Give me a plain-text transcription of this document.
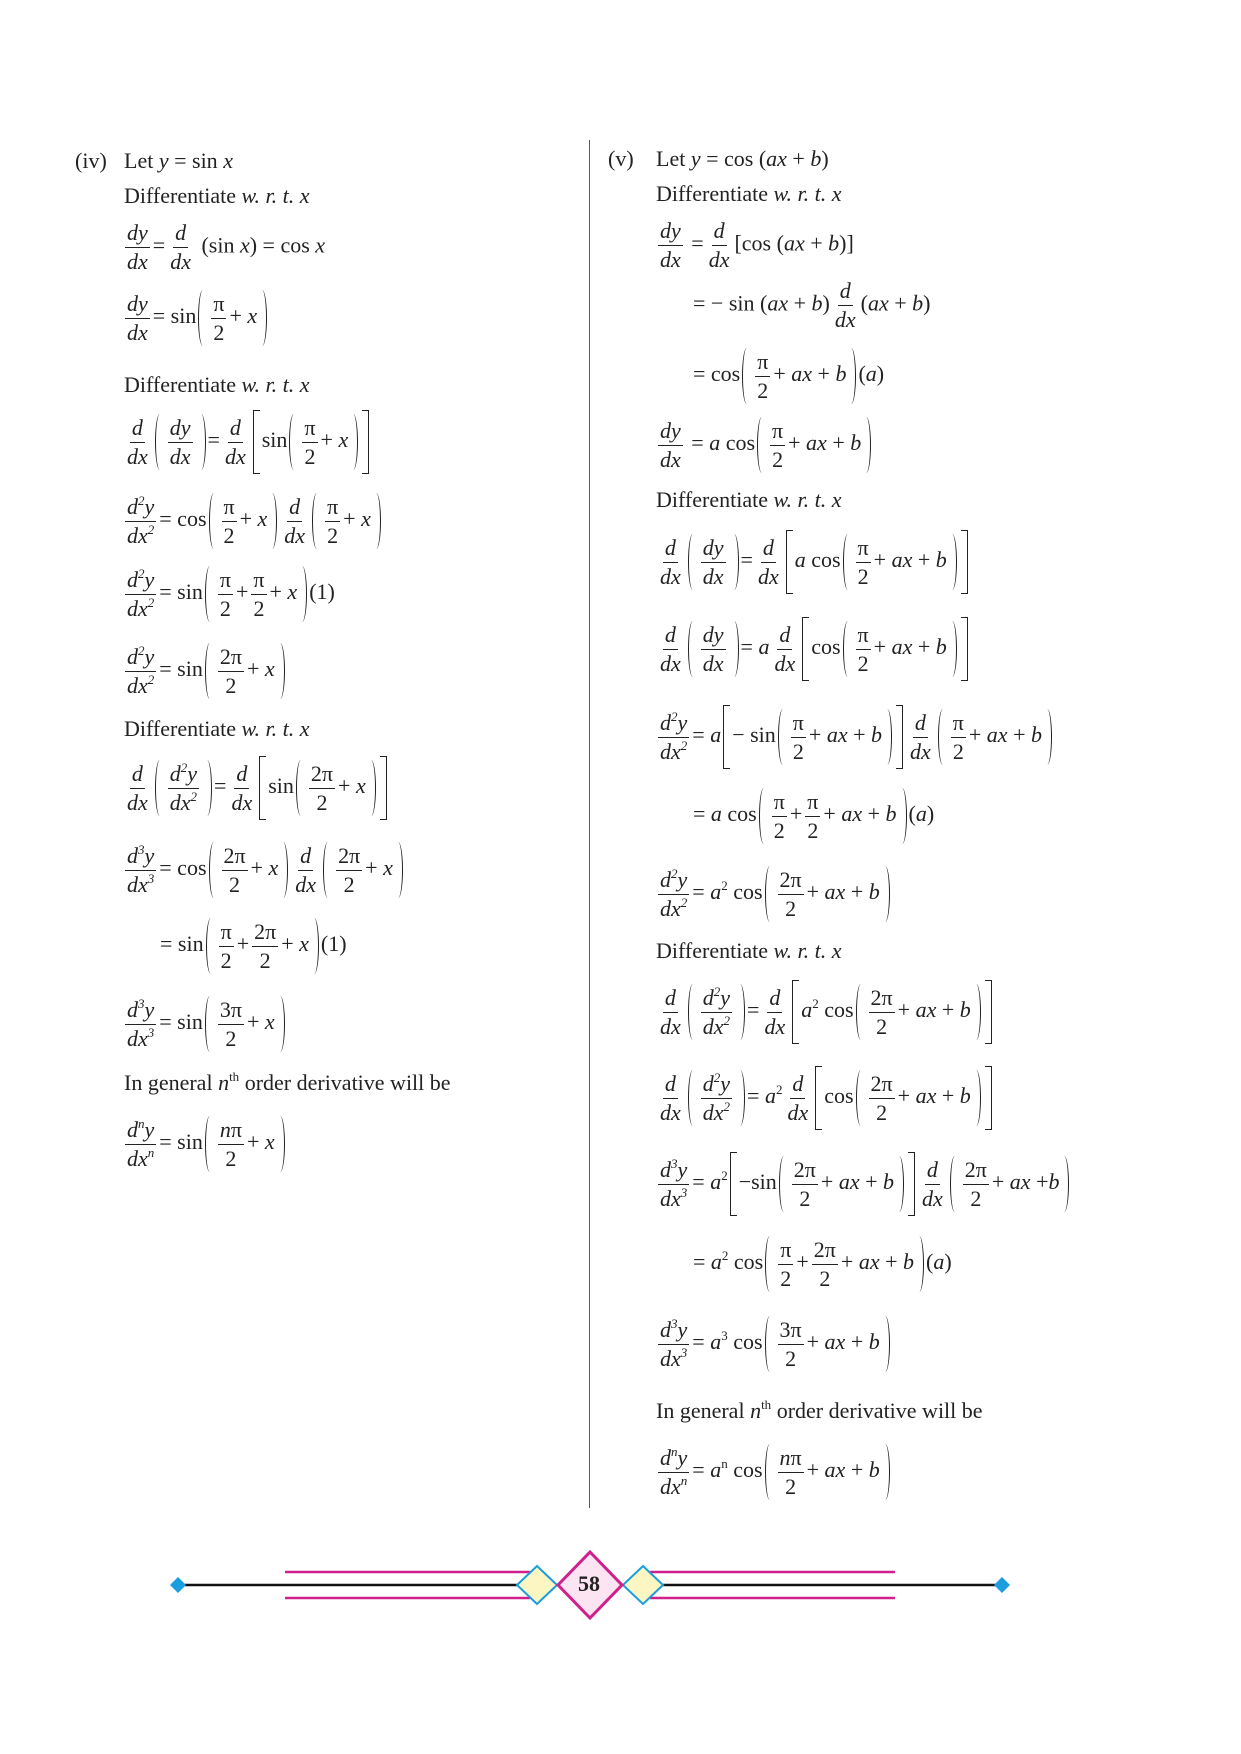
(iv) Let y = sin x
Differentiate w. r. t. x
$\frac{dy}{dx} = \frac{d}{dx} (\sin$ x) = cos x
$\frac{dy}{dx} = \sin \frac{\pi}{2} + x$
Differentiate w. r. t. x
$\frac{d}{dx} \frac{dy}{dx} = \frac{d}{dx}$ $\sin \frac{\pi}{2} + x$
$\frac{d^2y}{dx^2} = \cos \frac{\pi}{2} + x \frac{d}{dx} \frac{\pi}{2} + x$
$\frac{d^2y}{dx^2} = \sin \frac{\pi}{2} + \frac{\pi}{2} + x$ (1)
$\frac{d^2y}{dx^2} = \sin \frac{2\pi}{2} + x$
Differentiate w. r. t. x
$\frac{d}{dx} \frac{d^2y}{dx^2} = \frac{d}{dx}$ $\sin \frac{2\pi}{2} + x$
$\frac{d^3y}{dx^3} = \cos \frac{2\pi}{2} + x \frac{d}{dx} \frac{2\pi}{2} + x$
= $\sin \frac{\pi}{2} + \frac{2\pi}{2} + x$ (1)
$\frac{d^3y}{dx^3} = \sin \frac{3\pi}{2} + x$
In general $n^{th}$ order derivative will be
$\frac{d^ny}{dx^n} = \sin \frac{n\pi}{2} + x$
(v) Let y = cos (ax + b)
Differentiate w. r. t. x
$\frac{dy}{dx} = \frac{d}{dx} [\cos$ (ax + b)]
= − $\sin (ax + b) \frac{d}{dx} (ax + b)$
= $\cos \frac{\pi}{2}$ + ax + b (a)
$\frac{dy}{dx} = a$ $\cos \frac{\pi}{2}$ + ax + b
Differentiate w. r. t. x
$\frac{d}{dx} \frac{dy}{dx} = \frac{d}{dx}$ a $\cos \frac{\pi}{2}$ + ax + b
$\frac{d}{dx} \frac{dy}{dx} = a \frac{d}{dx}$ $\cos \frac{\pi}{2}$ + ax + b
$\frac{d^2y}{dx^2} = a - \sin \frac{\pi}{2}$ + ax + b $\frac{d}{dx} \frac{\pi}{2}$ + ax + b
= a $\cos \frac{\pi}{2} + \frac{\pi}{2}$ + ax + b (a)
$\frac{d^2y}{dx^2} = a^2$ $\cos \frac{2\pi}{2}$ + ax + b
Differentiate w. r. t. x
$\frac{d}{dx} \frac{d^2y}{dx^2} = \frac{d}{dx} a^2$ $\cos \frac{2\pi}{2}$ + ax + b
$\frac{d}{dx} \frac{d^2y}{dx^2} = a^2 \frac{d}{dx}$ $\cos \frac{2\pi}{2}$ + ax + b
$\frac{d^3y}{dx^3} = a^2 -\sin \frac{2\pi}{2}$ + ax + b $\frac{d}{dx} \frac{2\pi}{2}$ + ax +b
= $a^2$ $\cos \frac{\pi}{2} + \frac{2\pi}{2}$ + ax + b (a)
$\frac{d^3y}{dx^3} = a^3$ $\cos \frac{3\pi}{2}$ + ax + b
In general $n^{th}$ order derivative will be
$\frac{d^ny}{dx^n} = a^n$ $\cos \frac{n\pi}{2}$ + ax + b
58
